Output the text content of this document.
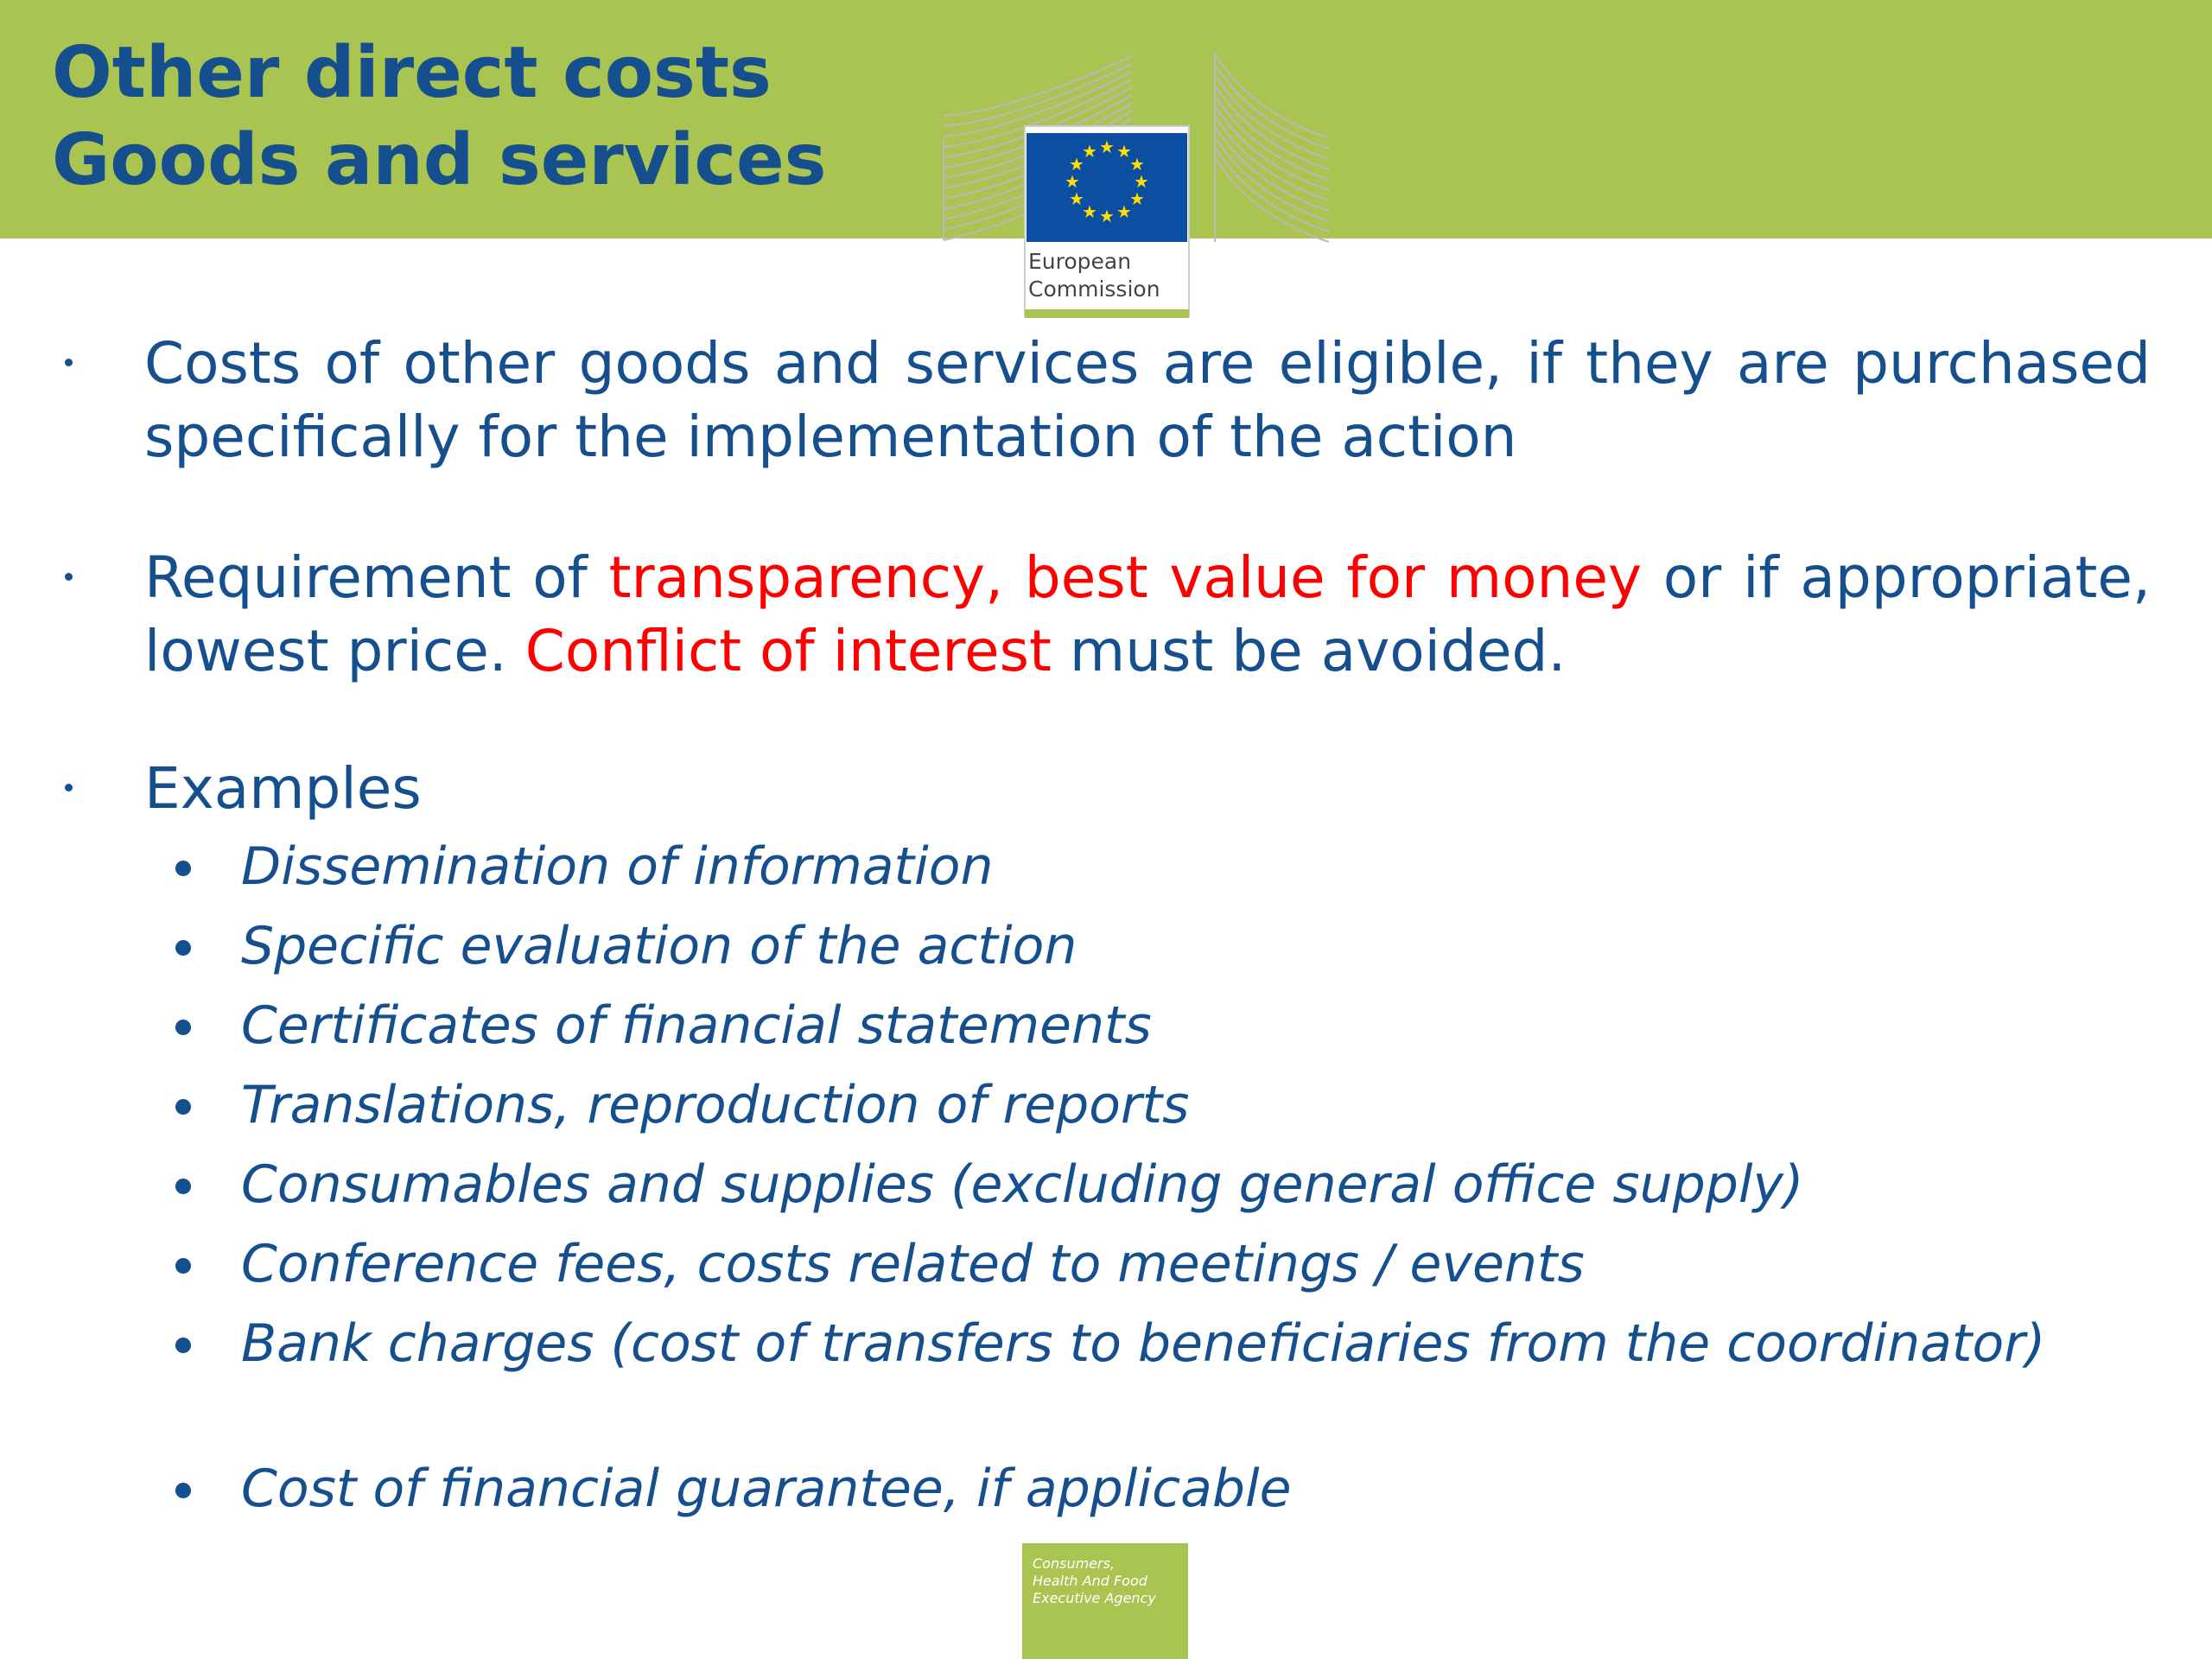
Other direct costs
Goods and services	★ ★
★
★
★
★
★
★
★
★
★
★
European
Commission
Costs of other goods and services are eligible, if they are purchased specifically for the implementation of the action
Requirement of transparency, best value for money or if appropriate, lowest price. Conflict of interest must be avoided.
Examples
Dissemination of information
Specific evaluation of the action
Certificates of financial statements
Translations, reproduction of reports
Consumables and supplies (excluding general office supply)
Conference fees, costs related to meetings / events
Bank charges (cost of transfers to beneficiaries from the coordinator)
Cost of financial guarantee, if applicable
Consumers,
Health And Food
Executive Agency
